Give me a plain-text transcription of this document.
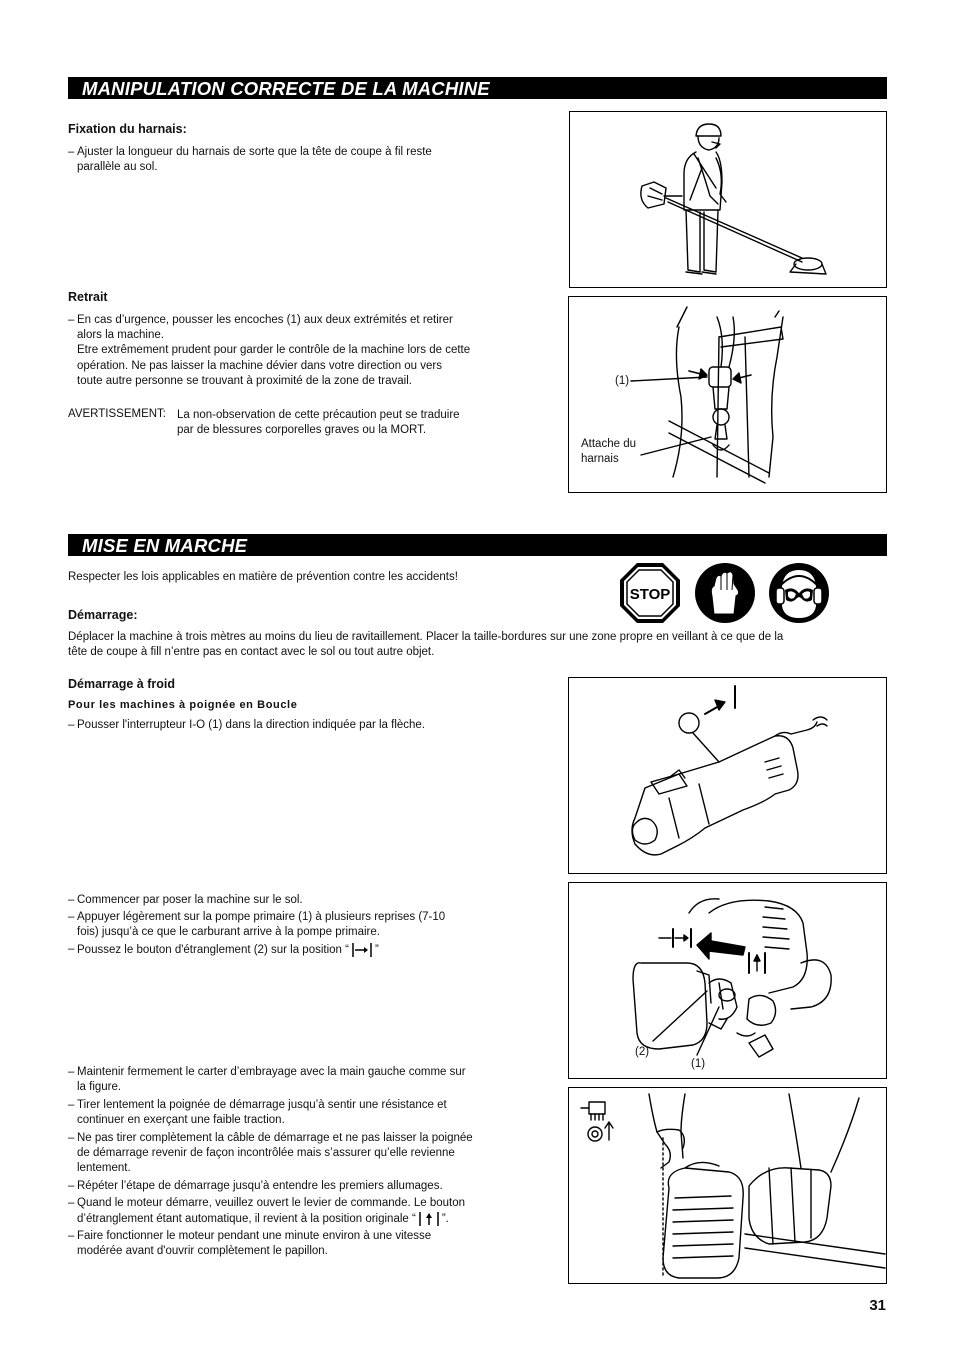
MANIPULATION CORRECTE DE LA MACHINE
Fixation du harnais:
– Ajuster la longueur du harnais de sorte que la tête de coupe à fil reste
parallèle au sol.
Retrait
– En cas d’urgence, pousser les encoches (1) aux deux extrémités et retirer
alors la machine.
Etre extrêmement prudent pour garder le contrôle de la machine lors de cette
opération. Ne pas laisser la machine dévier dans votre direction ou vers
toute autre personne se trouvant à proximité de la zone de travail.
AVERTISSEMENT: La non-observation de cette précaution peut se traduire
par de blessures corporelles graves ou la MORT.
(1)
Attache du
harnais
MISE EN MARCHE
Respecter les lois applicables en matière de prévention contre les accidents!
STOP
Démarrage:
Déplacer la machine à trois mètres au moins du lieu de ravitaillement. Placer la taille-bordures sur une zone propre en veillant à ce que de la
tête de coupe à fill n’entre pas en contact avec le sol ou tout autre objet.
Démarrage à froid
Pour les machines à poignée en Boucle
– Pousser l'interrupteur I-O (1) dans la direction indiquée par la flèche.
– Commencer par poser la machine sur le sol.
– Appuyer légèrement sur la pompe primaire (1) à plusieurs reprises (7-10
fois) jusqu’à ce que le carburant arrive à la pompe primaire.
– Poussez le bouton d'étranglement (2) sur la position “ ”
(2)
(1)
– Maintenir fermement le carter d’embrayage avec la main gauche comme sur
la figure.
– Tirer lentement la poignée de démarrage jusqu’à sentir une résistance et
continuer en exerçant une faible traction.
– Ne pas tirer complètement la câble de démarrage et ne pas laisser la poignée
de démarrage revenir de façon incontrôlée mais s’assurer qu’elle revienne
lentement.
– Répéter l’étape de démarrage jusqu’à entendre les premiers allumages.
– Quand le moteur démarre, veuillez ouvert le levier de commande. Le bouton
d’étranglement étant automatique, il revient à la position originale “ ”.
– Faire fonctionner le moteur pendant une minute environ à une vitesse
modérée avant d'ouvrir complètement le papillon.
31
